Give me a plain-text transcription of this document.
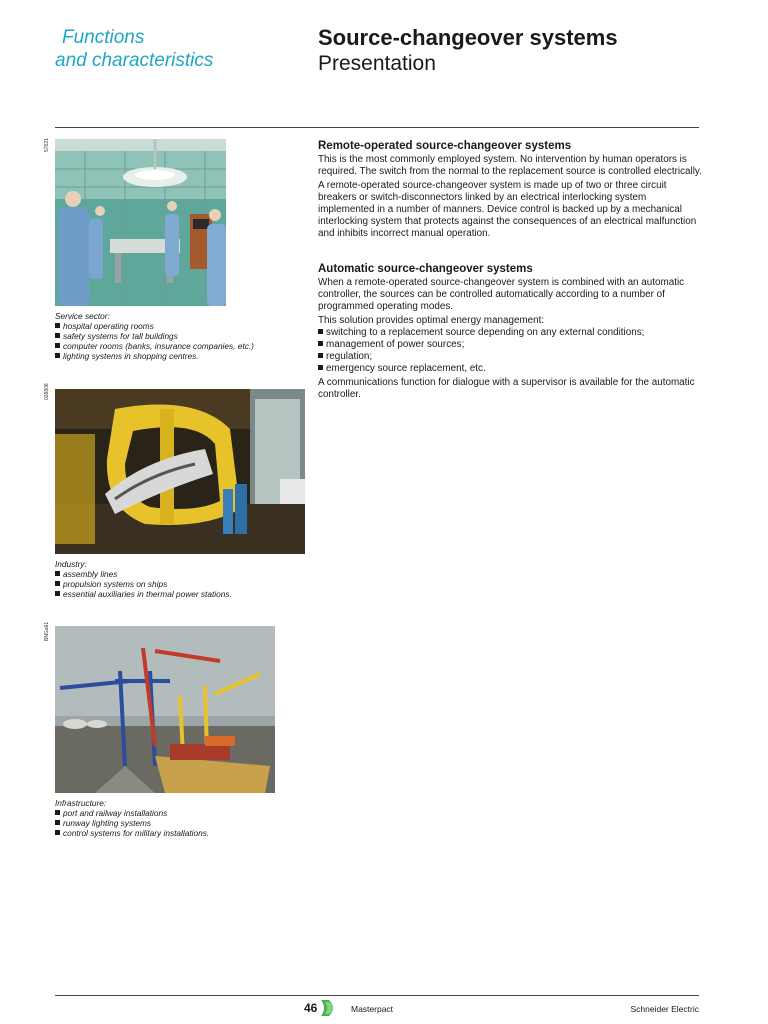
Functions
and characteristics
Source-changeover systems
Presentation
57621
Service sector:
hospital operating rooms
safety systems for tall buildings
computer rooms (banks, insurance companies, etc.)
lighting systems in shopping centres.
028808
Industry:
assembly lines
propulsion systems on ships
essential auxiliaries in thermal power stations.
BNGa61
Infrastructure:
port and railway installations
runway lighting systems
control systems for military installations.
Remote-operated source-changeover systems

This is the most commonly employed system. No intervention by human operators is required. The switch from the normal to the replacement source is controlled electrically.

A remote-operated source-changeover system is made up of two or three circuit breakers or switch-disconnectors linked by an electrical interlocking system implemented in a number of manners. Device control is backed up by a mechanical interlocking system that protects against the consequences of an electrical malfunction and inhibits incorrect manual operation.

Automatic source-changeover systems

When a remote-operated source-changeover system is combined with an automatic controller, the sources can be controlled automatically according to a number of programmed operating modes.

This solution provides optimal energy management:

switching to a replacement source depending on any external conditions;
management of power sources;
regulation;
emergency source replacement, etc.

A communications function for dialogue with a supervisor is available for the automatic controller.

46	Masterpact	Schneider Electric
